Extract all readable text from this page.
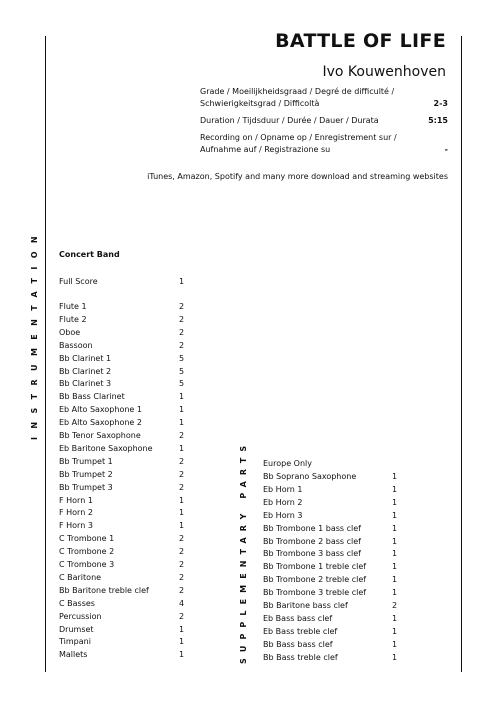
BATTLE OF LIFE
Ivo Kouwenhoven
Grade / Moeilijkheidsgraad / Degré de difficulté / Schwierigkeitsgrad / Difficoltà	2-3
Duration / Tijdsduur / Durée / Dauer / Durata	5:15
Recording on / Opname op / Enregistrement sur / Aufnahme auf / Registrazione su	-
iTunes, Amazon, Spotify and many more download and streaming websites
INSTRUMENTATION
SUPPLEMENTARY PARTS
Concert Band
Full Score	1
Flute 1	2
Flute 2	2
Oboe	2
Bassoon	2
Bb Clarinet 1	5
Bb Clarinet 2	5
Bb Clarinet 3	5
Bb Bass Clarinet	1
Eb Alto Saxophone 1	1
Eb Alto Saxophone 2	1
Bb Tenor Saxophone	2
Eb Baritone Saxophone	1
Bb Trumpet 1	2
Bb Trumpet 2	2
Bb Trumpet 3	2
F Horn 1	1
F Horn 2	1
F Horn 3	1
C Trombone 1	2
C Trombone 2	2
C Trombone 3	2
C Baritone	2
Bb Baritone treble clef	2
C Basses	4
Percussion	2
Drumset	1
Timpani	1
Mallets	1
Europe Only
Bb Soprano Saxophone	1
Eb Horn 1	1
Eb Horn 2	1
Eb Horn 3	1
Bb Trombone 1 bass clef	1
Bb Trombone 2 bass clef	1
Bb Trombone 3 bass clef	1
Bb Trombone 1 treble clef	1
Bb Trombone 2 treble clef	1
Bb Trombone 3 treble clef	1
Bb Baritone bass clef	2
Eb Bass bass clef	1
Eb Bass treble clef	1
Bb Bass bass clef	1
Bb Bass treble clef	1
